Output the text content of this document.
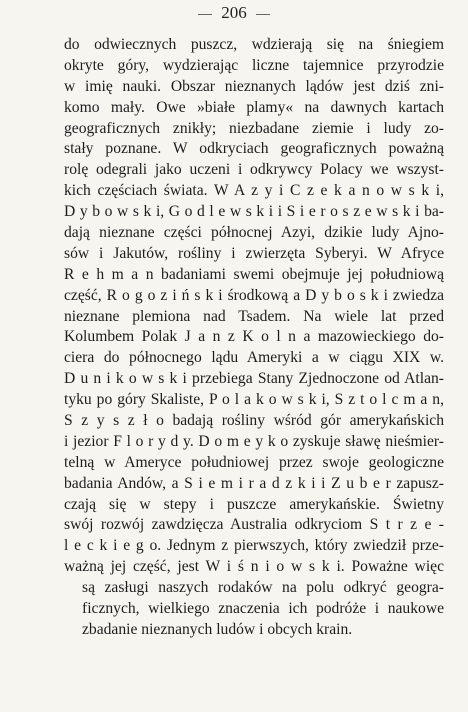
206
do odwiecznych puszcz, wdzierają się na śniegiem
okryte góry, wydzierając liczne tajemnice przyrodzie
w imię nauki. Obszar nieznanych lądów jest dziś zni-
komo mały. Owe »białe plamy« na dawnych kartach
geograficznych znikły; niezbadane ziemie i ludy zo-
stały poznane. W odkryciach geograficznych poważną
rolę odegrali jako uczeni i odkrywcy Polacy we wszyst-
kich częściach świata. W A z y i C z e k a n o w s k i,
D y b o w s k i, G o d l e w s k i i S i e r o s z e w s k i ba-
dają nieznane części północnej Azyi, dzikie ludy Ajno-
sów i Jakutów, rośliny i zwierzęta Syberyi. W Afryce
R e h m a n badaniami swemi obejmuje jej południową
część, R o g o z i ń s k i środkową a D y b o s k i zwiedza
nieznane plemiona nad Tsadem. Na wiele lat przed
Kolumbem Polak J a n z K o l n a mazowieckiego do-
ciera do północnego lądu Ameryki a w ciągu XIX w.
D u n i k o w s k i przebiega Stany Zjednoczone od Atlan-
tyku po góry Skaliste, P o l a k o w s k i, S z t o l c m a n,
S z y s z ł o badają rośliny wśród gór amerykańskich
i jezior F l o r y d y. D o m e y k o zyskuje sławę nieśmier-
telną w Ameryce południowej przez swoje geologiczne
badania Andów, a S i e m i r a d z k i i Z u b e r zapusz-
czają się w stepy i puszcze amerykańskie. Świetny
swój rozwój zawdzięcza Australia odkryciom S t r z e -
l e c k i e g o. Jednym z pierwszych, który zwiedził prze-
ważną jej część, jest W i ś n i o w s k i. Poważne więc
są zasługi naszych rodaków na polu odkryć geogra-
ficznych, wielkiego znaczenia ich podróże i naukowe
zbadanie nieznanych ludów i obcych krain.
